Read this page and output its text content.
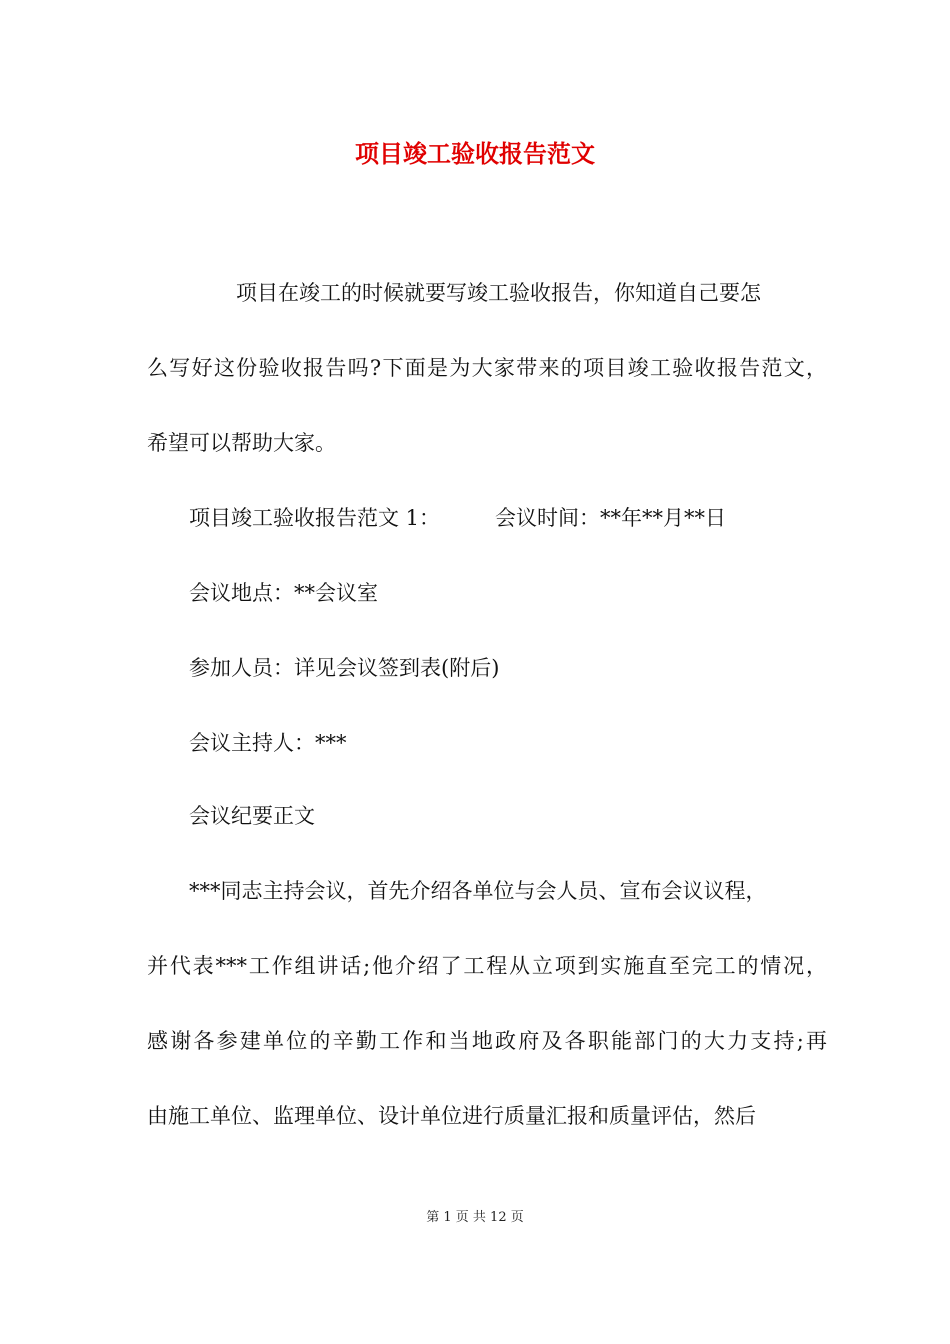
项目竣工验收报告范文
项目在竣工的时候就要写竣工验收报告，你知道自己要怎
么写好这份验收报告吗?下面是为大家带来的项目竣工验收报告范文，
希望可以帮助大家。
项目竣工验收报告范文 1：	会议时间：**年**月**日
会议地点：**会议室
参加人员：详见会议签到表(附后)
会议主持人：***
会议纪要正文
***同志主持会议，首先介绍各单位与会人员、宣布会议议程，
并代表***工作组讲话;他介绍了工程从立项到实施直至完工的情况，
感谢各参建单位的辛勤工作和当地政府及各职能部门的大力支持;再
由施工单位、监理单位、设计单位进行质量汇报和质量评估，然后
第 1 页 共 12 页
